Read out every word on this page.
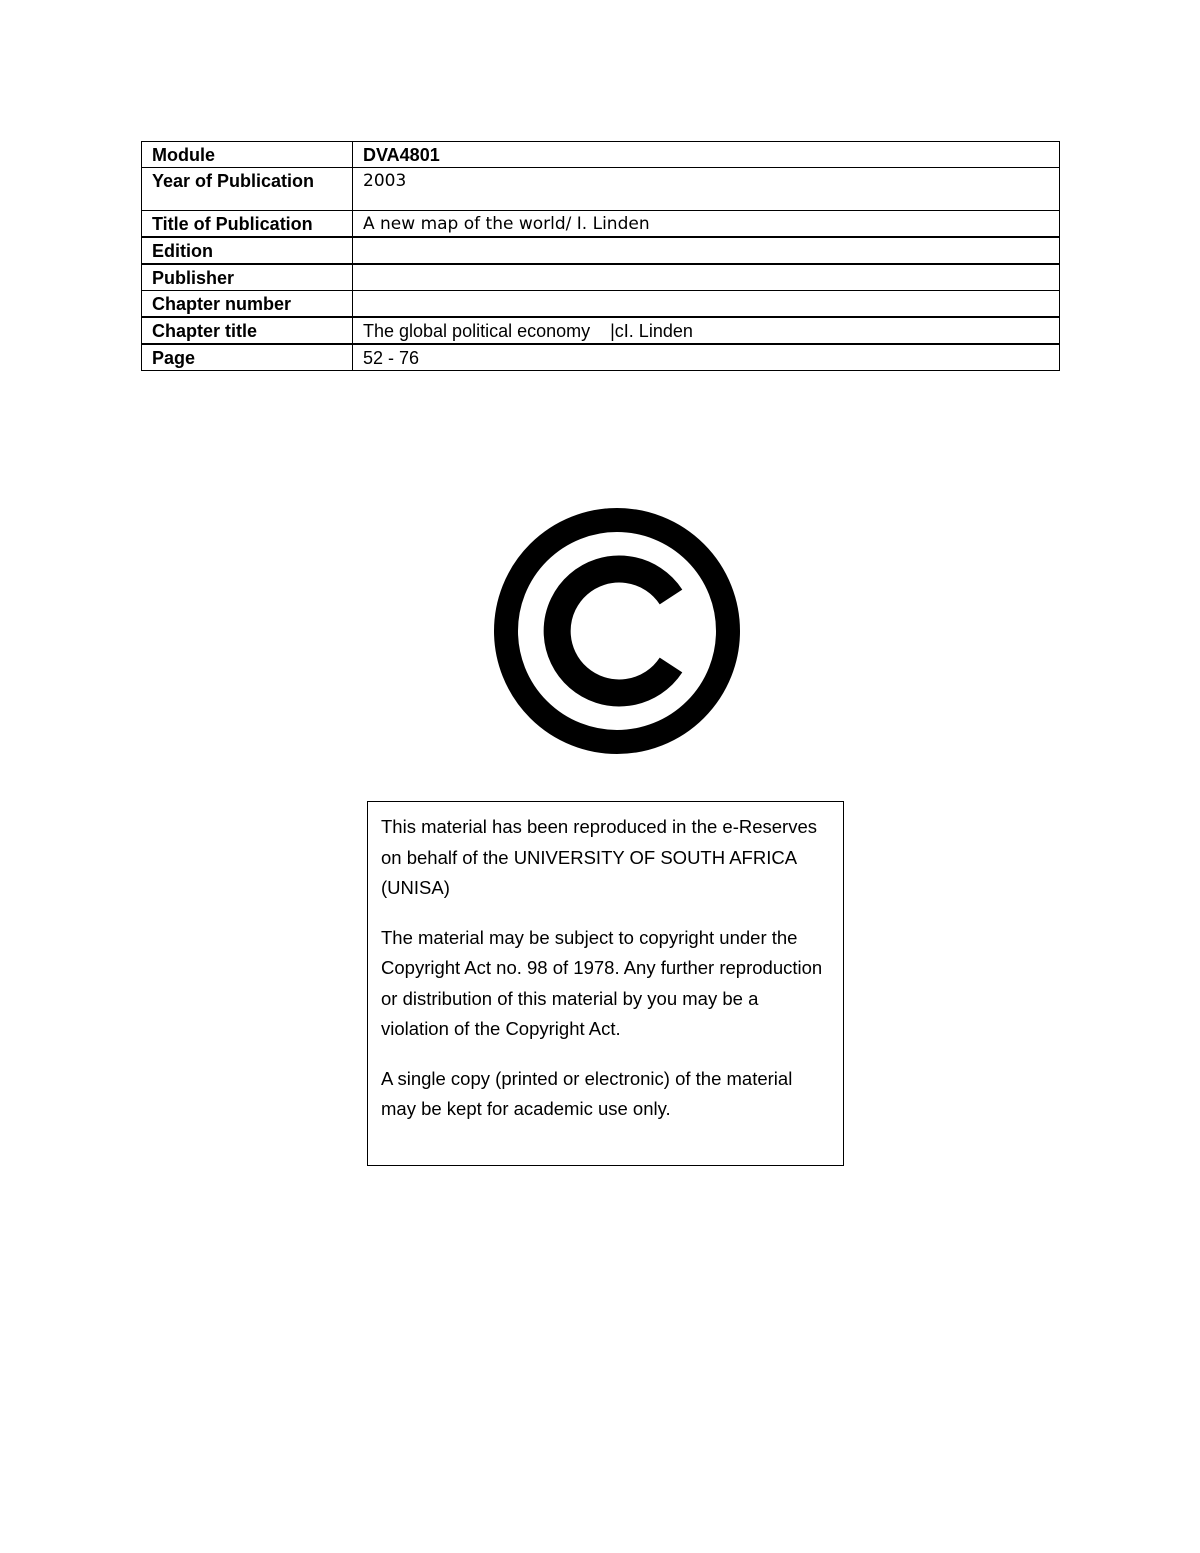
Module	DVA4801
Year of Publication	2003
Title of Publication	A new map of the world/ I. Linden
Edition	
Publisher	
Chapter number	
Chapter title	The global political economy    |cI. Linden
Page	52 - 76

This material has been reproduced in the e-Reserves on behalf of the UNIVERSITY OF SOUTH AFRICA (UNISA)

The material may be subject to copyright under the Copyright Act no. 98 of 1978. Any further reproduction or distribution of this material by you may be a violation of the Copyright Act.

A single copy (printed or electronic) of the material may be kept for academic use only.
